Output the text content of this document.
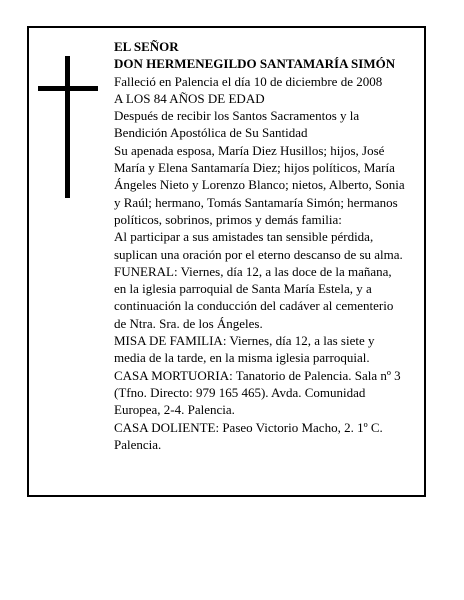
EL SEÑOR

DON HERMENEGILDO SANTAMARÍA SIMÓN

Falleció en Palencia el día 10 de diciembre de 2008

A LOS 84 AÑOS DE EDAD

Después de recibir los Santos Sacramentos y la

Bendición Apostólica de Su Santidad

Su apenada esposa, María Diez Husillos; hijos, José

María y Elena Santamaría Diez; hijos políticos, María

Ángeles Nieto y Lorenzo Blanco; nietos, Alberto, Sonia

y Raúl; hermano, Tomás Santamaría Simón; hermanos

políticos, sobrinos, primos y demás familia:

Al participar a sus amistades tan sensible pérdida,

suplican una oración por el eterno descanso de su alma.

FUNERAL: Viernes, día 12, a las doce de la mañana,

en la iglesia parroquial de Santa María Estela, y a

continuación la conducción del cadáver al cementerio

de Ntra. Sra. de los Ángeles.

MISA DE FAMILIA: Viernes, día 12, a las siete y

media de la tarde, en la misma iglesia parroquial.

CASA MORTUORIA: Tanatorio de Palencia. Sala nº 3

(Tfno. Directo: 979 165 465). Avda. Comunidad

Europea, 2-4. Palencia.

CASA DOLIENTE: Paseo Victorio Macho, 2. 1º C.

Palencia.
